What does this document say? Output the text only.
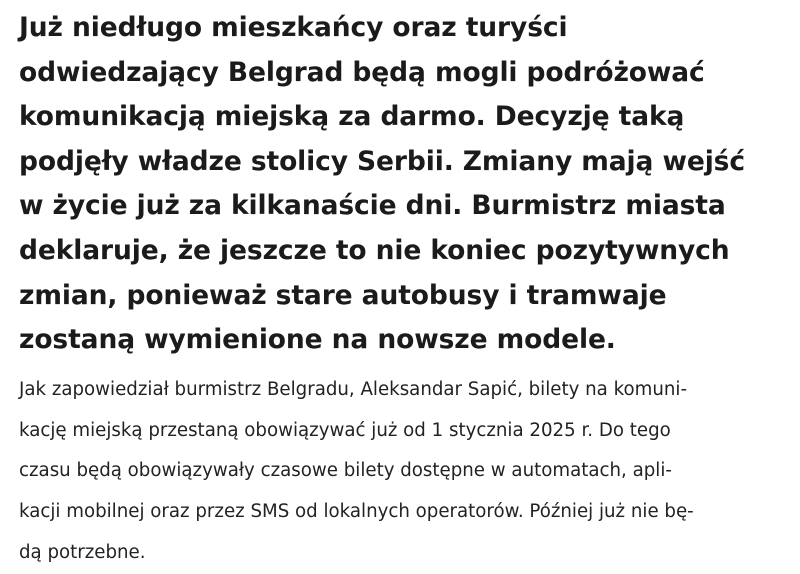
Już niedługo mieszkańcy oraz turyści
odwiedzający Belgrad będą mogli podróżować
komunikacją miejską za darmo. Decyzję taką
podjęły władze stolicy Serbii. Zmiany mają wejść
w życie już za kilkanaście dni. Burmistrz miasta
deklaruje, że jeszcze to nie koniec pozytywnych
zmian, ponieważ stare autobusy i tramwaje
zostaną wymienione na nowsze modele.

Jak zapowiedział burmistrz Belgradu, Aleksandar Sapić, bilety na komuni-
kację miejską przestaną obowiązywać już od 1 stycznia 2025 r. Do tego
czasu będą obowiązywały czasowe bilety dostępne w automatach, apli-
kacji mobilnej oraz przez SMS od lokalnych operatorów. Później już nie bę-
dą potrzebne.
